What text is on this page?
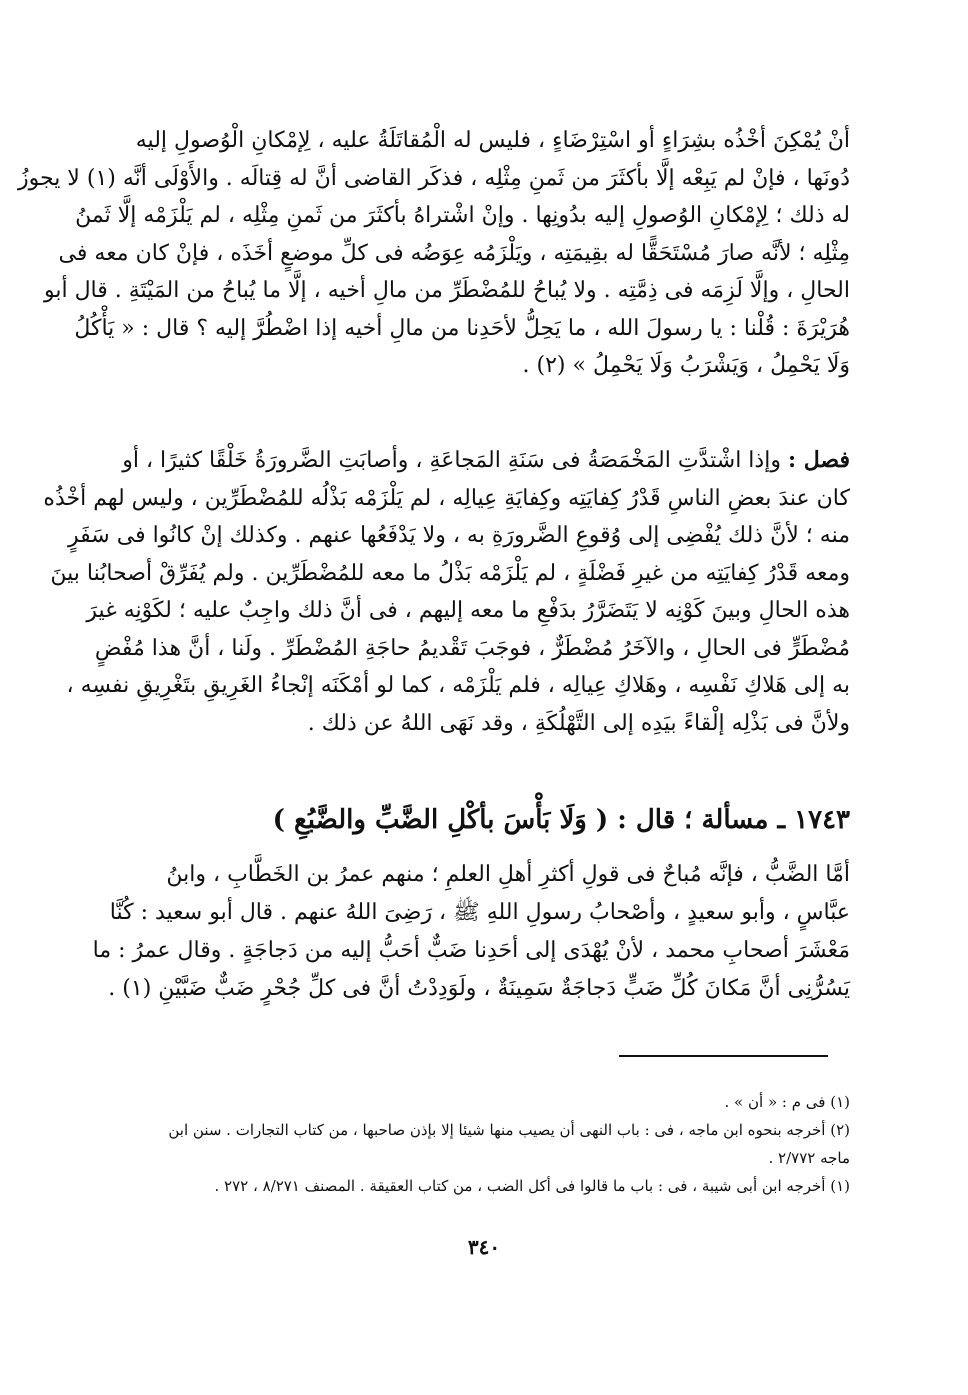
أنْ يُمْكِنَ أخْذُه بشِرَاءٍ أو اسْتِرْضَاءٍ ، فليس له الْمُقاتَلَةُ عليه ، لِإمْكانِ الْوُصولِ إليه
دُونَها ، فإنْ لم يَبِعْه إلَّا بأكثَرَ من ثَمنِ مِثْلِه ، فذكَر القاضى أنَّ له قِتالَه . والأَوْلَى أنَّه (١) لا يجوزُ
له ذلك ؛ لِإمْكانِ الوُصولِ إليه بدُونِها . وإنْ اشْتراهُ بأكثَرَ من ثَمنِ مِثْلِه ، لم يَلْزَمْه إلَّا ثَمنُ
مِثْلِه ؛ لأنَّه صارَ مُسْتَحَقًّا له بقِيمَتِه ، ويَلْزَمُه عِوَضُه فى كلِّ موضعٍ أخَذَه ، فإنْ كان معه فى
الحالِ ، وإلَّا لَزِمَه فى ذِمَّتِه . ولا يُباحُ للمُضْطَرِّ من مالِ أخيه ، إلَّا ما يُباحُ من المَيْتَةِ . قال أبو
هُرَيْرَةَ : قُلْنا : يا رسولَ الله ، ما يَحِلُّ لأحَدِنا من مالِ أخيه إذا اضْطُرَّ إليه ؟ قال : « يَأْكُلُ
وَلَا يَحْمِلُ ، وَيَشْرَبُ وَلَا يَحْمِلُ » (٢) .
فصل : وإذا اشْتدَّتِ المَخْمَصَةُ فى سَنَةِ المَجاعَةِ ، وأصابَتِ الضَّرورَةُ خَلْقًا كثيرًا ، أو
كان عندَ بعضِ الناسِ قَدْرُ كِفايَتِه وكِفايَةِ عِيالِه ، لم يَلْزَمْه بَذْلُه للمُضْطَرِّين ، وليس لهم أخْذُه
منه ؛ لأنَّ ذلك يُفْضِى إلى وُقوعِ الضَّرورَةِ به ، ولا يَدْفَعُها عنهم . وكذلك إنْ كانُوا فى سَفَرٍ
ومعه قَدْرُ كِفايَتِه من غيرِ فَضْلَةٍ ، لم يَلْزَمْه بَذْلُ ما معه للمُضْطَرِّين . ولم يُفَرِّقْ أصحابُنا بينَ
هذه الحالِ وبينَ كَوْنِه لا يَتَضَرَّرُ بدَفْعِ ما معه إليهم ، فى أنَّ ذلك واجِبٌ عليه ؛ لكَوْنِه غيرَ
مُضْطَرٍّ فى الحالِ ، والآخَرُ مُضْطَرٌّ ، فوجَبَ تَقْديمُ حاجَةِ المُضْطَرِّ . ولَنا ، أنَّ هذا مُفْضٍ
به إلى هَلاكِ نَفْسِه ، وهَلاكِ عِيالِه ، فلم يَلْزَمْه ، كما لو أمْكَنَه إنْجاءُ الغَرِيقِ بتَغْرِيقِ نفسِه ،
ولأنَّ فى بَذْلِه إلْقاءً بيَدِه إلى التَّهْلُكَةِ ، وقد نَهَى اللهُ عن ذلك .
١٧٤٣ ـ مسألة ؛ قال : ( وَلَا بَأْسَ بأكْلِ الضَّبِّ والضَّبُعِ )
أمَّا الضَّبُّ ، فإنَّه مُباحٌ فى قولِ أكثرِ أهلِ العلمِ ؛ منهم عمرُ بن الخَطَّابِ ، وابنُ
عبَّاسٍ ، وأبو سعيدٍ ، وأصْحابُ رسولِ اللهِ ﷺ ، رَضِىَ اللهُ عنهم . قال أبو سعيد : كُنَّا
مَعْشَرَ أصحابِ محمد ، لأنْ يُهْدَى إلى أحَدِنا ضَبٌّ أحَبُّ إليه من دَجاجَةٍ . وقال عمرُ : ما
يَسُرُّنِى أنَّ مَكانَ كُلِّ ضَبٍّ دَجاجَةٌ سَمِينَةٌ ، ولَوَدِدْتُ أنَّ فى كلِّ جُحْرٍ ضَبٌّ ضَبَّيْنِ (١) .
(١) فى م : « أن » .
(٢) أخرجه بنحوه ابن ماجه ، فى : باب النهى أن يصيب منها شيئا إلا بإذن صاحبها ، من كتاب التجارات . سنن ابن
ماجه ٢/٧٧٢ .
(١) أخرجه ابن أبى شيبة ، فى : باب ما قالوا فى أكل الضب ، من كتاب العقيقة . المصنف ٨/٢٧١ ، ٢٧٢ .
٣٤٠
